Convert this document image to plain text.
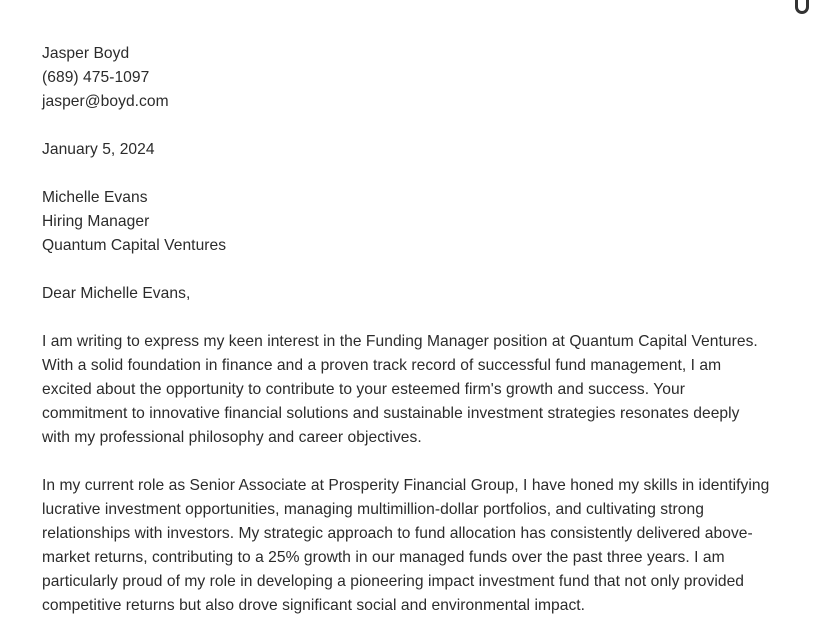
Jasper Boyd
(689) 475-1097
jasper@boyd.com
January 5, 2024
Michelle Evans
Hiring Manager
Quantum Capital Ventures
Dear Michelle Evans,
I am writing to express my keen interest in the Funding Manager position at Quantum Capital Ventures.
With a solid foundation in finance and a proven track record of successful fund management, I am
excited about the opportunity to contribute to your esteemed firm's growth and success. Your
commitment to innovative financial solutions and sustainable investment strategies resonates deeply
with my professional philosophy and career objectives.
In my current role as Senior Associate at Prosperity Financial Group, I have honed my skills in identifying
lucrative investment opportunities, managing multimillion-dollar portfolios, and cultivating strong
relationships with investors. My strategic approach to fund allocation has consistently delivered above-
market returns, contributing to a 25% growth in our managed funds over the past three years. I am
particularly proud of my role in developing a pioneering impact investment fund that not only provided
competitive returns but also drove significant social and environmental impact.
